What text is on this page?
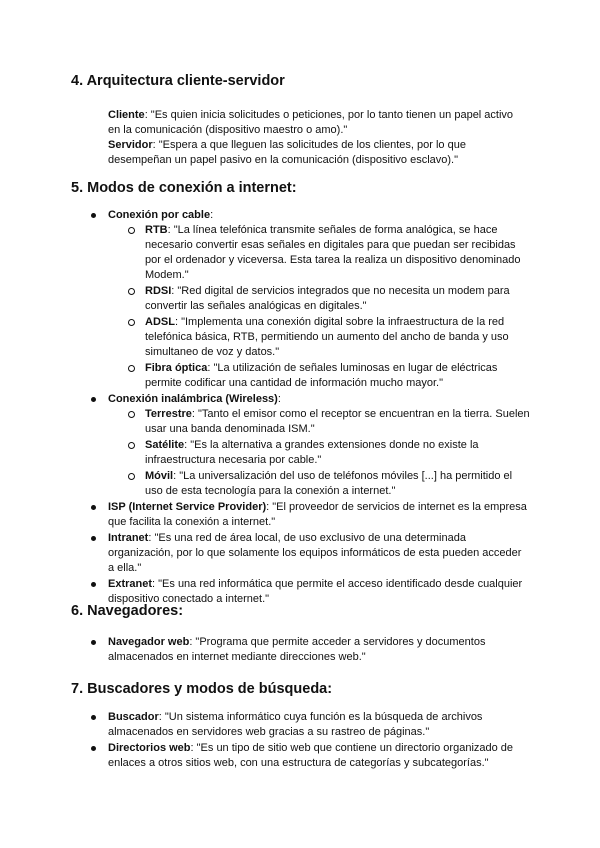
4. Arquitectura cliente-servidor

Cliente: "Es quien inicia solicitudes o peticiones, por lo tanto tienen un papel activo en la comunicación (dispositivo maestro o amo)."

Servidor: "Espera a que lleguen las solicitudes de los clientes, por lo que desempeñan un papel pasivo en la comunicación (dispositivo esclavo)."

5. Modos de conexión a internet:
Conexión por cable:
RTB: "La línea telefónica transmite señales de forma analógica, se hace necesario convertir esas señales en digitales para que puedan ser recibidas por el ordenador y viceversa. Esta tarea la realiza un dispositivo denominado Modem."
RDSI: "Red digital de servicios integrados que no necesita un modem para convertir las señales analógicas en digitales."
ADSL: "Implementa una conexión digital sobre la infraestructura de la red telefónica básica, RTB, permitiendo un aumento del ancho de banda y uso simultaneo de voz y datos."
Fibra óptica: "La utilización de señales luminosas en lugar de eléctricas permite codificar una cantidad de información mucho mayor."
Conexión inalámbrica (Wireless):
Terrestre: "Tanto el emisor como el receptor se encuentran en la tierra. Suelen usar una banda denominada ISM."
Satélite: "Es la alternativa a grandes extensiones donde no existe la infraestructura necesaria por cable."
Móvil: "La universalización del uso de teléfonos móviles [...] ha permitido el uso de esta tecnología para la conexión a internet."
ISP (Internet Service Provider): "El proveedor de servicios de internet es la empresa que facilita la conexión a internet."
Intranet: "Es una red de área local, de uso exclusivo de una determinada organización, por lo que solamente los equipos informáticos de esta pueden acceder a ella."
Extranet: "Es una red informática que permite el acceso identificado desde cualquier dispositivo conectado a internet."
6. Navegadores:
Navegador web: "Programa que permite acceder a servidores y documentos almacenados en internet mediante direcciones web."
7. Buscadores y modos de búsqueda:
Buscador: "Un sistema informático cuya función es la búsqueda de archivos almacenados en servidores web gracias a su rastreo de páginas."
Directorios web: "Es un tipo de sitio web que contiene un directorio organizado de enlaces a otros sitios web, con una estructura de categorías y subcategorías."
